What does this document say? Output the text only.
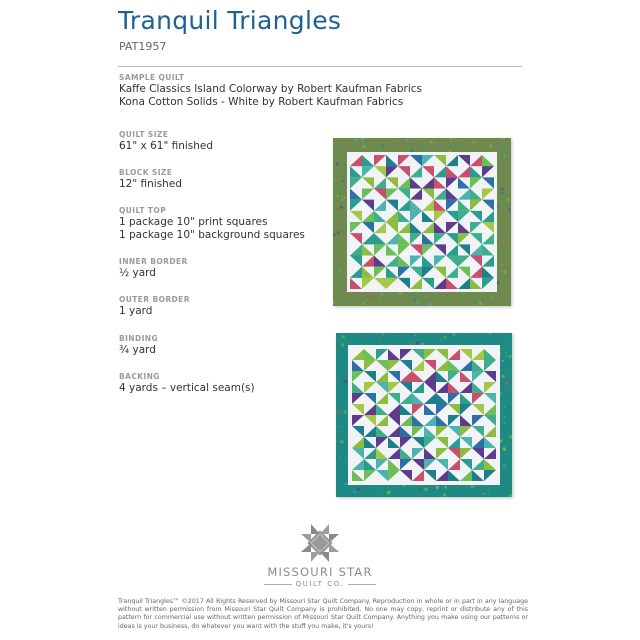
Tranquil Triangles
PAT1957
SAMPLE QUILT
Kaffe Classics Island Colorway by Robert Kaufman Fabrics
Kona Cotton Solids - White by Robert Kaufman Fabrics
QUILT SIZE
61" x 61" finished
BLOCK SIZE
12" finished
QUILT TOP
1 package 10" print squares
1 package 10" background squares
INNER BORDER
½ yard
OUTER BORDER
1 yard
BINDING
¾ yard
BACKING
4 yards – vertical seam(s)
MISSOURI STAR
QUILT CO.
Tranquil Triangles™ ©2017 All Rights Reserved by Missouri Star Quilt Company. Reproduction in whole or in part in any language without written permission from Missouri Star Quilt Company is prohibited. No one may copy, reprint or distribute any of this pattern for commercial use without written permission of Missouri Star Quilt Company. Anything you make using our patterns or ideas is your business, do whatever you want with the stuff you make, it's yours!
